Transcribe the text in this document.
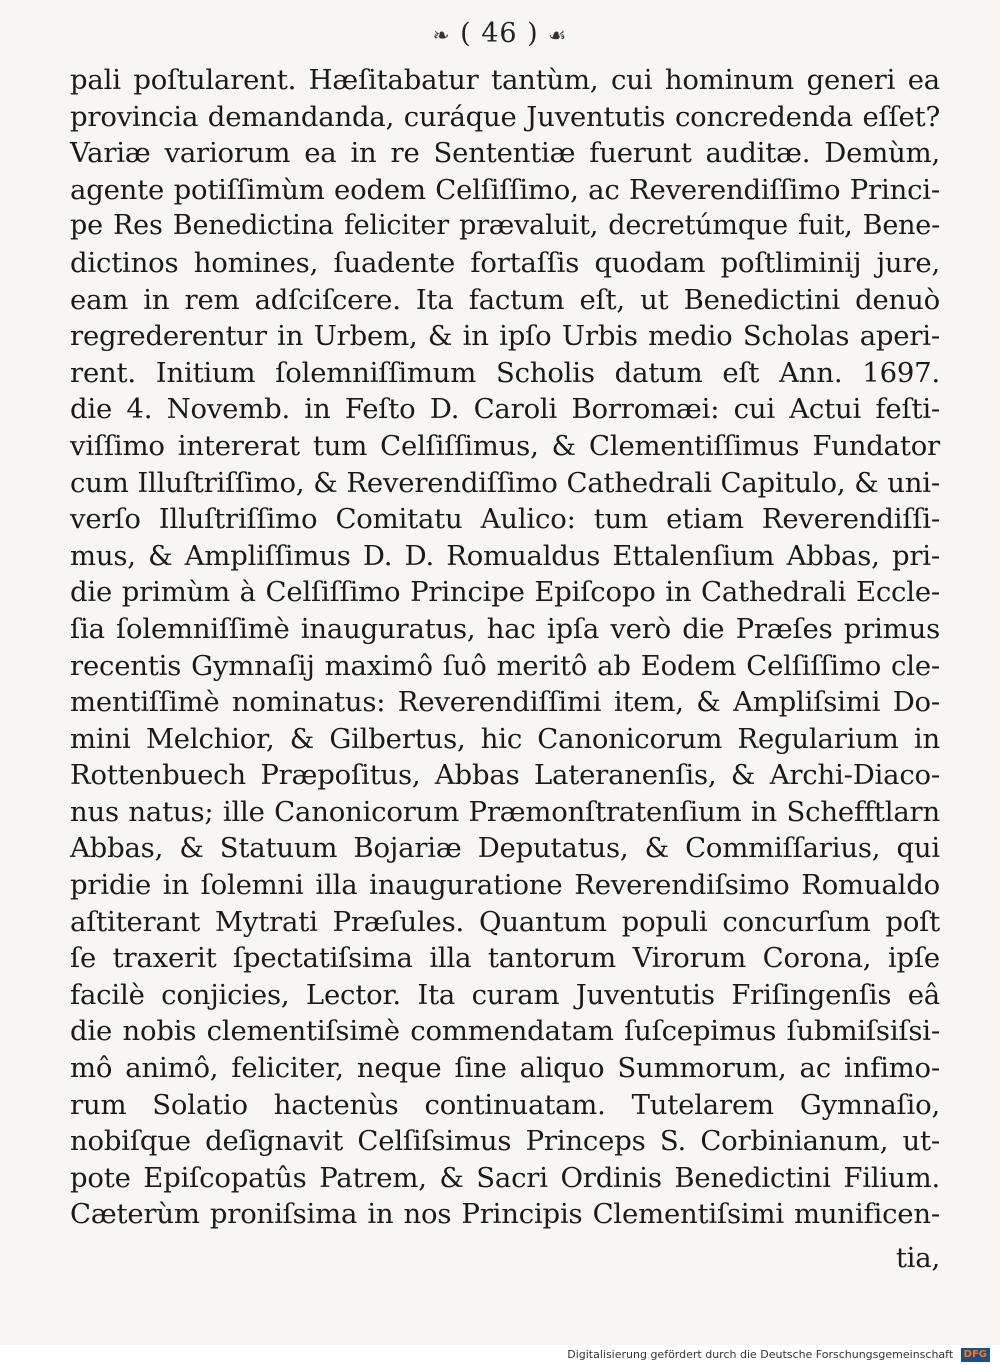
❧ ( 46 ) ☙
pali poſtularent. Hæſitabatur tantùm, cui hominum generi ea
provincia demandanda, curáque Juventutis concredenda eſſet?
Variæ variorum ea in re Sententiæ fuerunt auditæ. Demùm,
agente potiſſimùm eodem Celſiſſimo, ac Reverendiſſimo Princi-
pe Res Benedictina feliciter prævaluit, decretúmque fuit, Bene-
dictinos homines, ſuadente fortaſſis quodam poſtliminij jure,
eam in rem adſciſcere. Ita factum eſt, ut Benedictini denuò
regrederentur in Urbem, & in ipſo Urbis medio Scholas aperi-
rent. Initium ſolemniſſimum Scholis datum eſt Ann. 1697.
die 4. Novemb. in Feſto D. Caroli Borromæi: cui Actui feſti-
viſſimo intererat tum Celſiſſimus, & Clementiſſimus Fundator
cum Illuſtriſſimo, & Reverendiſſimo Cathedrali Capitulo, & uni-
verſo Illuſtriſſimo Comitatu Aulico: tum etiam Reverendiſſi-
mus, & Ampliſſimus D. D. Romualdus Ettalenſium Abbas, pri-
die primùm à Celſiſſimo Principe Epiſcopo in Cathedrali Eccle-
ſia ſolemniſſimè inauguratus, hac ipſa verò die Præſes primus
recentis Gymnaſij maximô ſuô meritô ab Eodem Celſiſſimo cle-
mentiſſimè nominatus: Reverendiſſimi item, & Ampliſsimi Do-
mini Melchior, & Gilbertus, hic Canonicorum Regularium in
Rottenbuech Præpoſitus, Abbas Lateranenſis, & Archi-Diaco-
nus natus; ille Canonicorum Præmonſtratenſium in Schefftlarn
Abbas, & Statuum Bojariæ Deputatus, & Commiſſarius, qui
pridie in ſolemni illa inauguratione Reverendiſsimo Romualdo
aſtiterant Mytrati Præſules. Quantum populi concurſum poſt
ſe traxerit ſpectatiſsima illa tantorum Virorum Corona, ipſe
facilè conjicies, Lector. Ita curam Juventutis Friſingenſis eâ
die nobis clementiſsimè commendatam ſuſcepimus ſubmiſsiſsi-
mô animô, feliciter, neque ſine aliquo Summorum, ac infimo-
rum Solatio hactenùs continuatam. Tutelarem Gymnaſio,
nobiſque deſignavit Celſiſsimus Princeps S. Corbinianum, ut-
pote Epiſcopatûs Patrem, & Sacri Ordinis Benedictini Filium.
Cæterùm proniſsima in nos Principis Clementiſsimi munificen-
tia,
Digitalisierung gefördert durch die Deutsche Forschungsgemeinschaft DFG
